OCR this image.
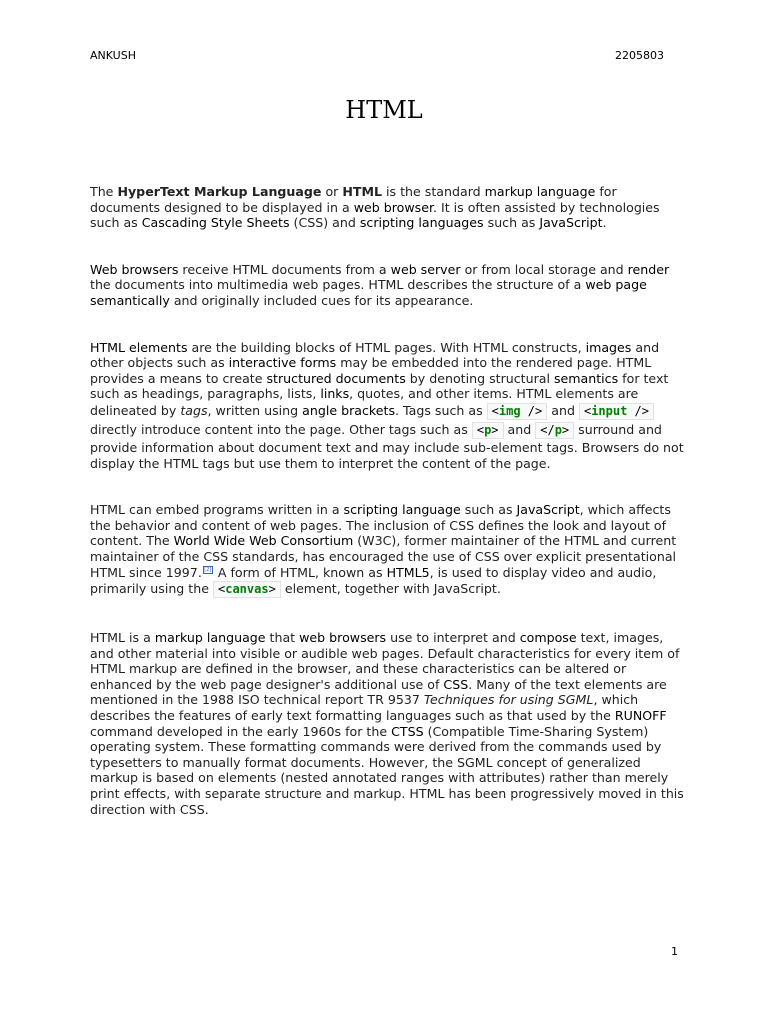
ANKUSH	2205803
HTML

The HyperText Markup Language or HTML is the standard markup language for documents designed to be displayed in a web browser. It is often assisted by technologies such as Cascading Style Sheets (CSS) and scripting languages such as JavaScript.

Web browsers receive HTML documents from a web server or from local storage and render the documents into multimedia web pages. HTML describes the structure of a web page semantically and originally included cues for its appearance.

HTML elements are the building blocks of HTML pages. With HTML constructs, images and other objects such as interactive forms may be embedded into the rendered page. HTML provides a means to create structured documents by denoting structural semantics for text such as headings, paragraphs, lists, links, quotes, and other items. HTML elements are delineated by tags, written using angle brackets. Tags such as <img /> and <input /> directly introduce content into the page. Other tags such as <p> and </p> surround and provide information about document text and may include sub-element tags. Browsers do not display the HTML tags but use them to interpret the content of the page.

HTML can embed programs written in a scripting language such as JavaScript, which affects the behavior and content of web pages. The inclusion of CSS defines the look and layout of content. The World Wide Web Consortium (W3C), former maintainer of the HTML and current maintainer of the CSS standards, has encouraged the use of CSS over explicit presentational HTML since 1997. [2] A form of HTML, known as HTML5, is used to display video and audio, primarily using the <canvas> element, together with JavaScript.

HTML is a markup language that web browsers use to interpret and compose text, images, and other material into visible or audible web pages. Default characteristics for every item of HTML markup are defined in the browser, and these characteristics can be altered or enhanced by the web page designer's additional use of CSS. Many of the text elements are mentioned in the 1988 ISO technical report TR 9537 Techniques for using SGML, which describes the features of early text formatting languages such as that used by the RUNOFF command developed in the early 1960s for the CTSS (Compatible Time-Sharing System) operating system. These formatting commands were derived from the commands used by typesetters to manually format documents. However, the SGML concept of generalized markup is based on elements (nested annotated ranges with attributes) rather than merely print effects, with separate structure and markup. HTML has been progressively moved in this direction with CSS.

1
